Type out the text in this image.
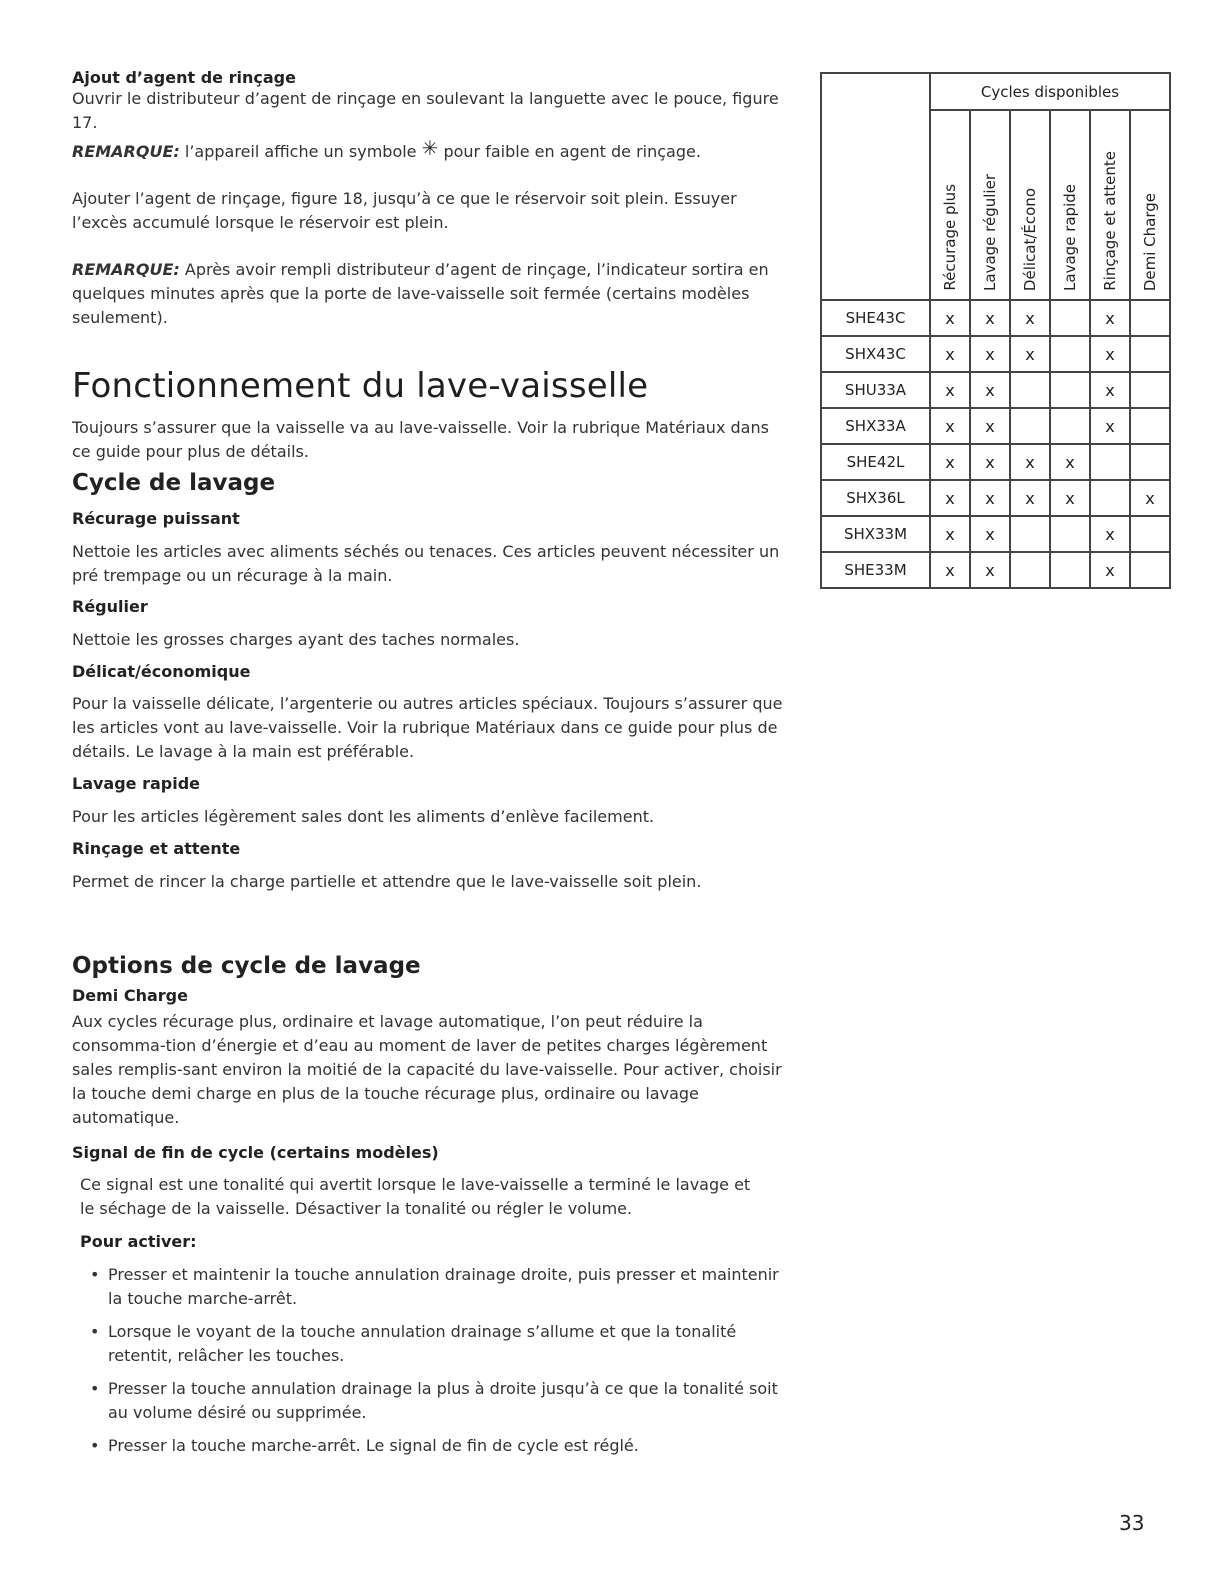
Ajout d’agent de rinçage

Ouvrir le distributeur d’agent de rinçage en soulevant la languette avec le pouce, figure 17.

REMARQUE: l’appareil affiche un symbole ✳ pour faible en agent de rinçage.

Ajouter l’agent de rinçage, figure 18, jusqu’à ce que le réservoir soit plein. Essuyer l’excès accumulé lorsque le réservoir est plein.

REMARQUE: Après avoir rempli distributeur d’agent de rinçage, l’indicateur sortira en quelques minutes après que la porte de lave-vaisselle soit fermée (certains modèles seulement).

Fonctionnement du lave-vaisselle

Toujours s’assurer que la vaisselle va au lave-vaisselle. Voir la rubrique Matériaux dans ce guide pour plus de détails.

Cycle de lavage

Récurage puissant

Nettoie les articles avec aliments séchés ou tenaces. Ces articles peuvent nécessiter un pré trempage ou un récurage à la main.

Régulier

Nettoie les grosses charges ayant des taches normales.

Délicat/économique

Pour la vaisselle délicate, l’argenterie ou autres articles spéciaux. Toujours s’assurer que les articles vont au lave-vaisselle. Voir la rubrique Matériaux dans ce guide pour plus de détails. Le lavage à la main est préférable.

Lavage rapide

Pour les articles légèrement sales dont les aliments d’enlève facilement.

Rinçage et attente

Permet de rincer la charge partielle et attendre que le lave-vaisselle soit plein.

Options de cycle de lavage

Demi Charge

Aux cycles récurage plus, ordinaire et lavage automatique, l’on peut réduire la consomma-tion d’énergie et d’eau au moment de laver de petites charges légèrement sales remplis-sant environ la moitié de la capacité du lave-vaisselle. Pour activer, choisir la touche demi charge en plus de la touche récurage plus, ordinaire ou lavage automatique.

Signal de fin de cycle (certains modèles)

Ce signal est une tonalité qui avertit lorsque le lave-vaisselle a terminé le lavage et le séchage de la vaisselle. Désactiver la tonalité ou régler le volume.

Pour activer:

• Presser et maintenir la touche annulation drainage droite, puis presser et maintenir la touche marche-arrêt.
• Lorsque le voyant de la touche annulation drainage s’allume et que la tonalité retentit, relâcher les touches.
• Presser la touche annulation drainage la plus à droite jusqu’à ce que la tonalité soit au volume désiré ou supprimée.
• Presser la touche marche-arrêt. Le signal de fin de cycle est réglé.
	Cycles disponibles					

	Récurage plus	Lavage régulier	Délicat/Écono	Lavage rapide	Rinçage et attente	Demi Charge

SHE43C	x	x	x		x	
SHX43C	x	x	x		x	
SHU33A	x	x			x	
SHX33A	x	x			x	
SHE42L	x	x	x	x		
SHX36L	x	x	x	x		x
SHX33M	x	x			x	
SHE33M	x	x			x	
33
